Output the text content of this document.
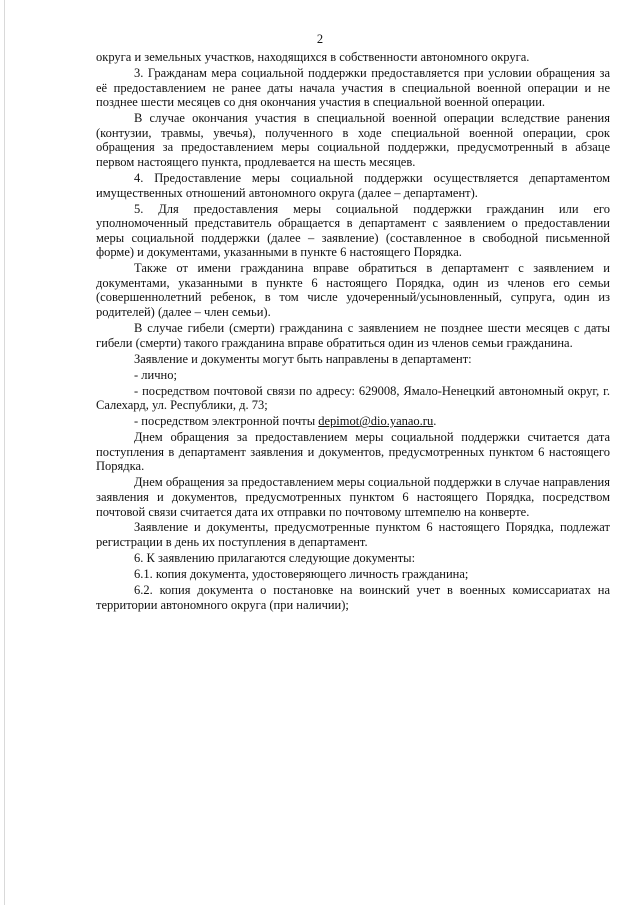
2

округа и земельных участков, находящихся в собственности автономного округа.

3. Гражданам мера социальной поддержки предоставляется при условии обращения за её предоставлением не ранее даты начала участия в специальной военной операции и не позднее шести месяцев со дня окончания участия в специальной военной операции.

В случае окончания участия в специальной военной операции вследствие ранения (контузии, травмы, увечья), полученного в ходе специальной военной операции, срок обращения за предоставлением меры социальной поддержки, предусмотренный в абзаце первом настоящего пункта, продлевается на шесть месяцев.

4. Предоставление меры социальной поддержки осуществляется департаментом имущественных отношений автономного округа (далее – департамент).

5. Для предоставления меры социальной поддержки гражданин или его уполномоченный представитель обращается в департамент с заявлением о предоставлении меры социальной поддержки (далее – заявление) (составленное в свободной письменной форме) и документами, указанными в пункте 6 настоящего Порядка.

Также от имени гражданина вправе обратиться в департамент с заявлением и документами, указанными в пункте 6 настоящего Порядка, один из членов его семьи (совершеннолетний ребенок, в том числе удочеренный/усыновленный, супруга, один из родителей) (далее – член семьи).

В случае гибели (смерти) гражданина с заявлением не позднее шести месяцев с даты гибели (смерти) такого гражданина вправе обратиться один из членов семьи гражданина.

Заявление и документы могут быть направлены в департамент:

- лично;

- посредством почтовой связи по адресу: 629008, Ямало-Ненецкий автономный округ, г. Салехард, ул. Республики, д. 73;

- посредством электронной почты depimot@dio.yanao.ru.

Днем обращения за предоставлением меры социальной поддержки считается дата поступления в департамент заявления и документов, предусмотренных пунктом 6 настоящего Порядка.

Днем обращения за предоставлением меры социальной поддержки в случае направления заявления и документов, предусмотренных пунктом 6 настоящего Порядка, посредством почтовой связи считается дата их отправки по почтовому штемпелю на конверте.

Заявление и документы, предусмотренные пунктом 6 настоящего Порядка, подлежат регистрации в день их поступления в департамент.

6. К заявлению прилагаются следующие документы:

6.1. копия документа, удостоверяющего личность гражданина;

6.2. копия документа о постановке на воинский учет в военных комиссариатах на территории автономного округа (при наличии);
